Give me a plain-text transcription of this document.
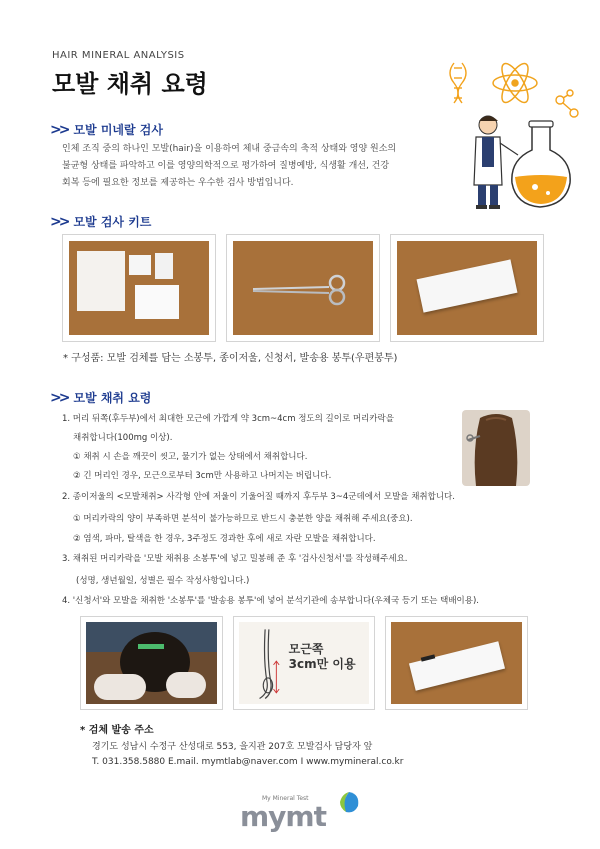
HAIR MINERAL ANALYSIS
모발 채취 요령
>> 모발 미네랄 검사
인체 조직 중의 하나인 모발(hair)을 이용하여 체내 중금속의 축적 상태와 영양 원소의
불균형 상태를 파악하고 이를 영양의학적으로 평가하여 질병예방, 식생활 개선, 건강
회복 등에 필요한 정보를 제공하는 우수한 검사 방법입니다.
>> 모발 검사 키트
* 구성품: 모발 검체를 담는 소봉투, 종이저울, 신청서, 발송용 봉투(우편봉투)
>> 모발 채취 요령
1. 머리 뒤쪽(후두부)에서 최대한 모근에 가깝게 약 3cm~4cm 정도의 길이로 머리카락을
채취합니다(100mg 이상).
① 채취 시 손을 깨끗이 씻고, 물기가 없는 상태에서 채취합니다.
② 긴 머리인 경우, 모근으로부터 3cm만 사용하고 나머지는 버립니다.
2. 종이저울의 <모발채취> 사각형 안에 저울이 기울어질 때까지 후두부 3~4군데에서 모발을 채취합니다.
① 머리카락의 양이 부족하면 분석이 불가능하므로 반드시 충분한 양을 채취해 주세요(중요).
② 염색, 파마, 탈색을 한 경우, 3주정도 경과한 후에 새로 자란 모발을 채취합니다.
3. 채취된 머리카락을 '모발 채취용 소봉투'에 넣고 밀봉해 준 후 '검사신청서'를 작성해주세요.
(성명, 생년월일, 성별은 필수 작성사항입니다.)
4. '신청서'와 모발을 채취한 '소봉투'를 '발송용 봉투'에 넣어 분석기관에 송부합니다(우체국 등기 또는 택배이용).
모근쪽
3cm만 이용
* 검체 발송 주소
경기도 성남시 수정구 산성대로 553, 을지관 207호 모발검사 담당자 앞
T. 031.358.5880 E.mail. mymtlab@naver.com I www.mymineral.co.kr
My Mineral Test
mymt
